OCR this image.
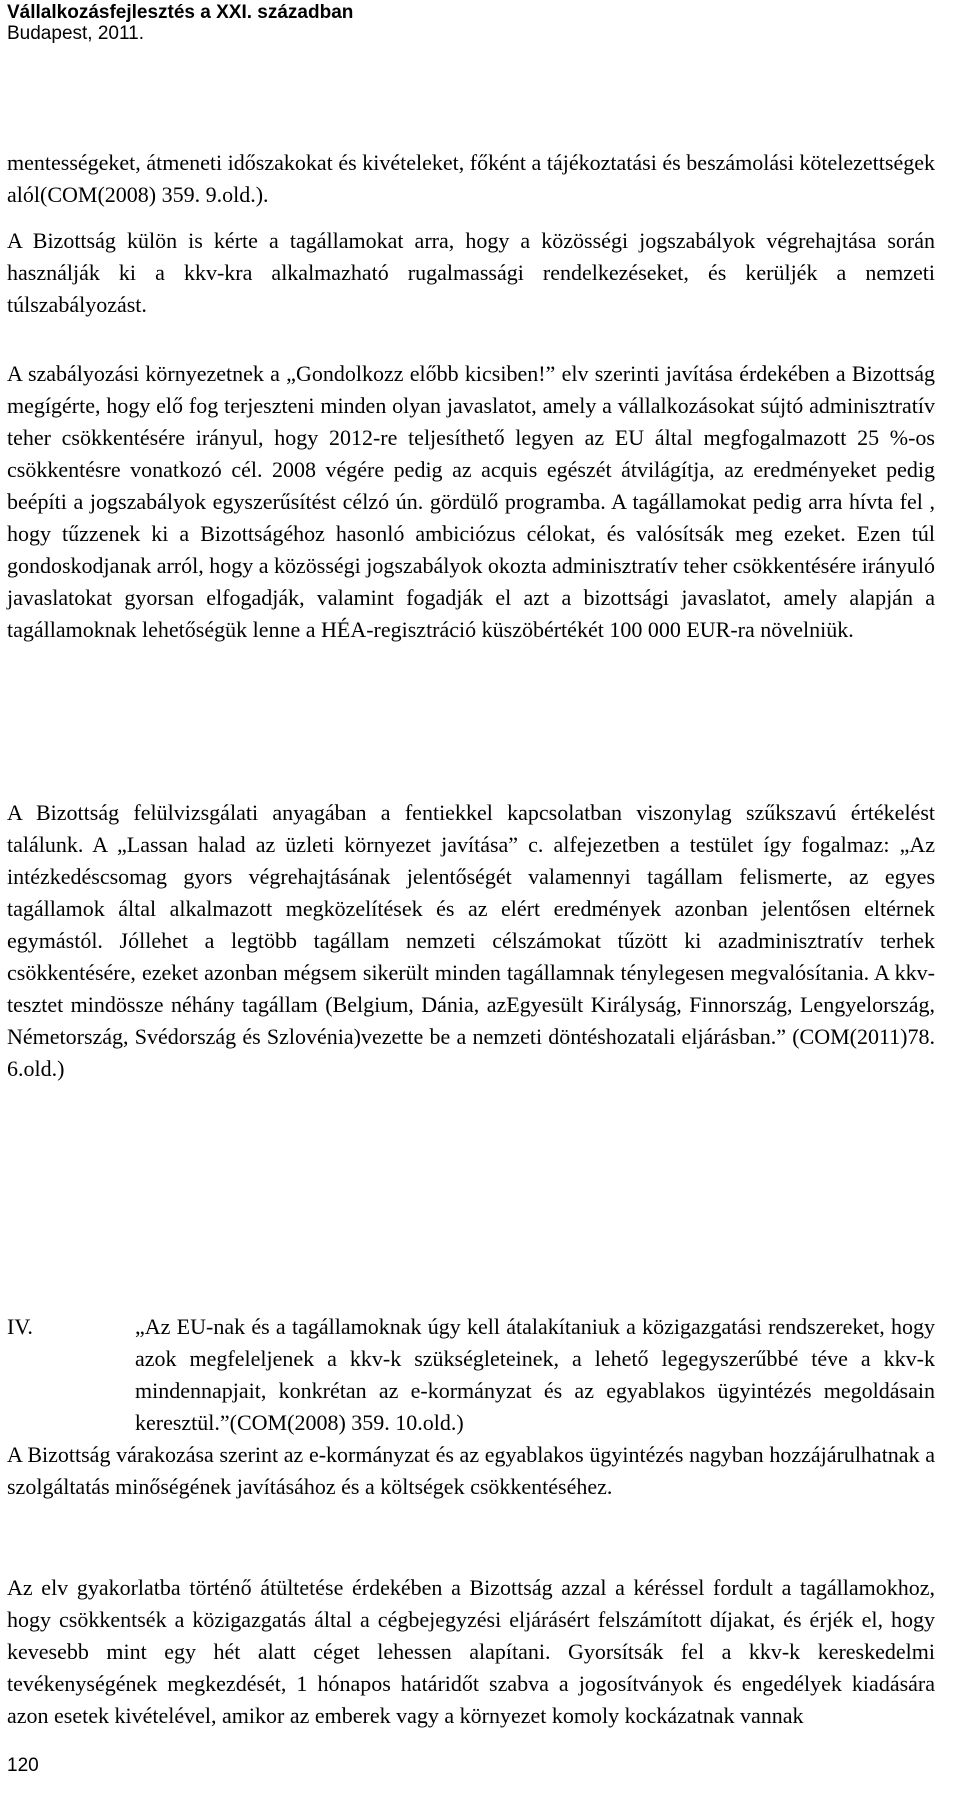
Vállalkozásfejlesztés a XXI. században
Budapest, 2011.

mentességeket, átmeneti időszakokat és kivételeket, főként a tájékoztatási és beszámolási kötelezettségek alól(COM(2008) 359. 9.old.).

A Bizottság külön is kérte a tagállamokat arra, hogy a közösségi jogszabályok végrehajtása során használják ki a kkv-kra alkalmazható rugalmassági rendelkezéseket, és kerüljék a nemzeti túlszabályozást.

A szabályozási környezetnek a „Gondolkozz előbb kicsiben!” elv szerinti javítása érdekében a Bizottság megígérte, hogy elő fog terjeszteni minden olyan javaslatot, amely a vállalkozásokat sújtó adminisztratív teher csökkentésére irányul, hogy 2012-re teljesíthető legyen az EU által megfogalmazott 25 %-os csökkentésre vonatkozó cél. 2008 végére pedig az acquis egészét átvilágítja, az eredményeket pedig beépíti a jogszabályok egyszerűsítést célzó ún. gördülő programba. A tagállamokat pedig arra hívta fel , hogy tűzzenek ki a Bizottságéhoz hasonló ambiciózus célokat, és valósítsák meg ezeket. Ezen túl gondoskodjanak arról, hogy a közösségi jogszabályok okozta adminisztratív teher csökkentésére irányuló javaslatokat gyorsan elfogadják, valamint fogadják el azt a bizottsági javaslatot, amely alapján a tagállamoknak lehetőségük lenne a HÉA-regisztráció küszöbértékét 100 000 EUR-ra növelniük.

A Bizottság felülvizsgálati anyagában a fentiekkel kapcsolatban viszonylag szűkszavú értékelést találunk. A „Lassan halad az üzleti környezet javítása” c. alfejezetben a testület így fogalmaz: „Az intézkedéscsomag gyors végrehajtásának jelentőségét valamennyi tagállam felismerte, az egyes tagállamok által alkalmazott megközelítések és az elért eredmények azonban jelentősen eltérnek egymástól. Jóllehet a legtöbb tagállam nemzeti célszámokat tűzött ki azadminisztratív terhek csökkentésére, ezeket azonban mégsem sikerült minden tagállamnak ténylegesen megvalósítania. A kkv-tesztet mindössze néhány tagállam (Belgium, Dánia, azEgyesült Királyság, Finnország, Lengyelország, Németország, Svédország és Szlovénia)vezette be a nemzeti döntéshozatali eljárásban.” (COM(2011)78. 6.old.)

IV.	„Az EU-nak és a tagállamoknak úgy kell átalakítaniuk a közigazgatási rendszereket, hogy azok megfeleljenek a kkv-k szükségleteinek, a lehető legegyszerűbbé téve a kkv-k mindennapjait, konkrétan az e-kormányzat és az egyablakos ügyintézés megoldásain keresztül.”(COM(2008) 359. 10.old.)

A Bizottság várakozása szerint az e-kormányzat és az egyablakos ügyintézés nagyban hozzájárulhatnak a szolgáltatás minőségének javításához és a költségek csökkentéséhez.

Az elv gyakorlatba történő átültetése érdekében a Bizottság azzal a kéréssel fordult a tagállamokhoz, hogy csökkentsék a közigazgatás által a cégbejegyzési eljárásért felszámított díjakat, és érjék el, hogy kevesebb mint egy hét alatt céget lehessen alapítani. Gyorsítsák fel a kkv-k kereskedelmi tevékenységének megkezdését, 1 hónapos határidőt szabva a jogosítványok és engedélyek kiadására azon esetek kivételével, amikor az emberek vagy a környezet komoly kockázatnak vannak

120
